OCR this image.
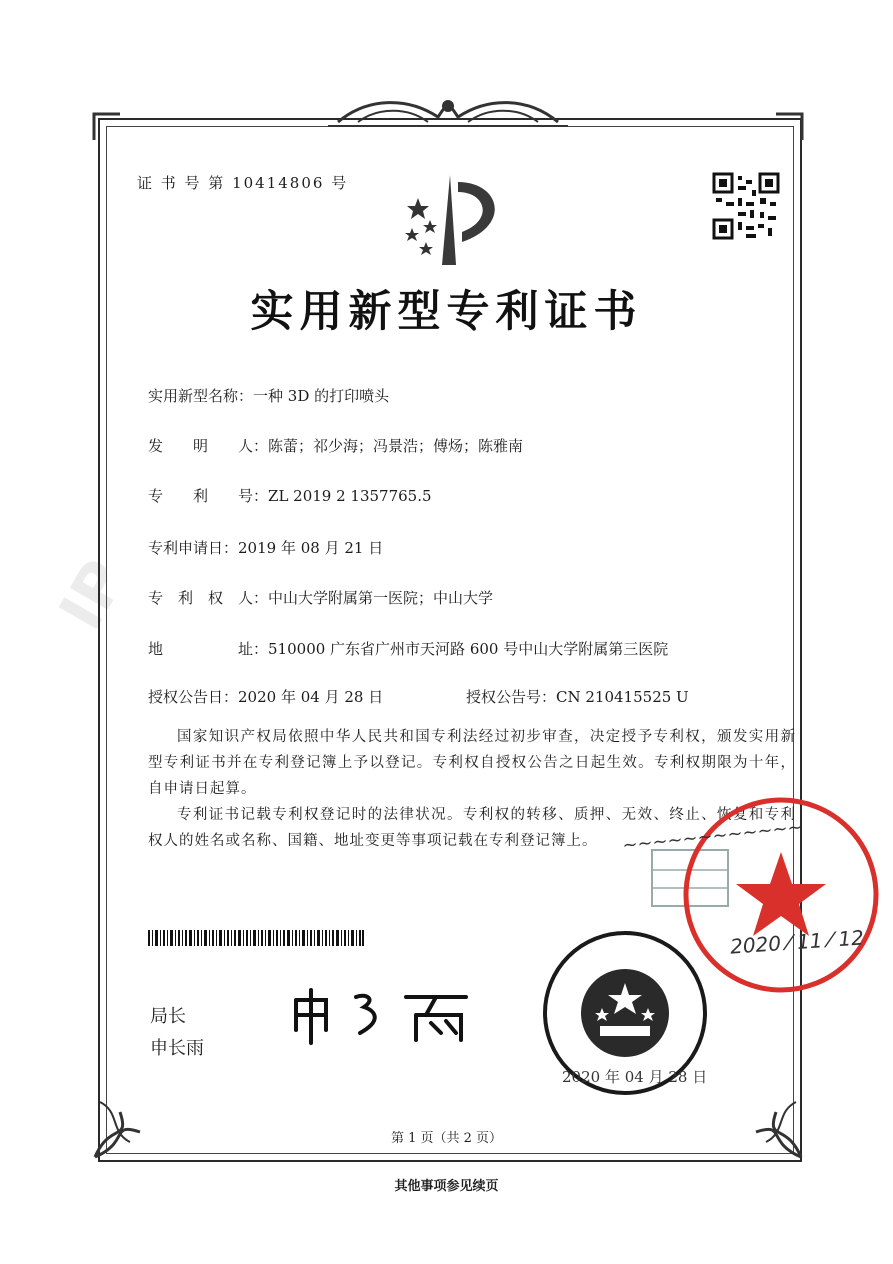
IP
证 书 号 第 10414806 号
实用新型专利证书
实用新型名称：一种 3D 的打印喷头
发　　明　　人：陈蕾；祁少海；冯景浩；傅炀；陈雅南
专　　利　　号：ZL 2019 2 1357765.5
专利申请日：2019 年 08 月 21 日
专　利　权　人：中山大学附属第一医院；中山大学
地　　　　　址：510000 广东省广州市天河路 600 号中山大学附属第三医院
授权公告日：2020 年 04 月 28 日	授权公告号：CN 210415525 U
国家知识产权局依照中华人民共和国专利法经过初步审查，决定授予专利权，颁发实用新型专利证书并在专利登记簿上予以登记。专利权自授权公告之日起生效。专利权期限为十年，自申请日起算。
专利证书记载专利权登记时的法律状况。专利权的转移、质押、无效、终止、恢复和专利权人的姓名或名称、国籍、地址变更等事项记载在专利登记簿上。	~~~~~~~~~~~~
2020 ⁄ 11 ⁄ 12
局长
申长雨
2020 年 04 月 28 日
第 1 页（共 2 页）
其他事项参见续页
